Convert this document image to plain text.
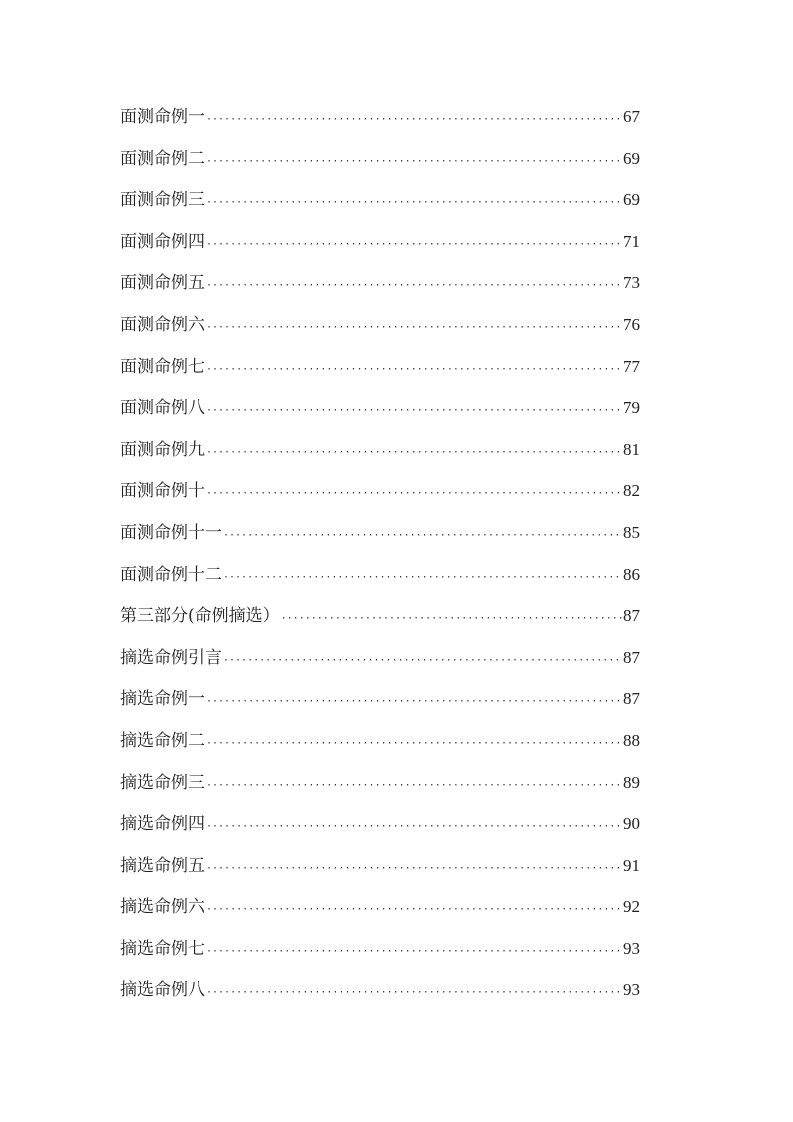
面测命例一 ·····	67
面测命例二 ·····	69
面测命例三 ·····	69
面测命例四 ·····	71
面测命例五 ·····	73
面测命例六 ·····	76
面测命例七 ·····	77
面测命例八 ·····	79
面测命例九 ·····	81
面测命例十 ·····	82
面测命例十一 ·····	85
面测命例十二 ·····	86
第三部分(命例摘选） ·····	87
摘选命例引言 ·····	87
摘选命例一 ·····	87
摘选命例二 ·····	88
摘选命例三 ·····	89
摘选命例四 ·····	90
摘选命例五 ·····	91
摘选命例六 ·····	92
摘选命例七 ·····	93
摘选命例八 ·····	93
